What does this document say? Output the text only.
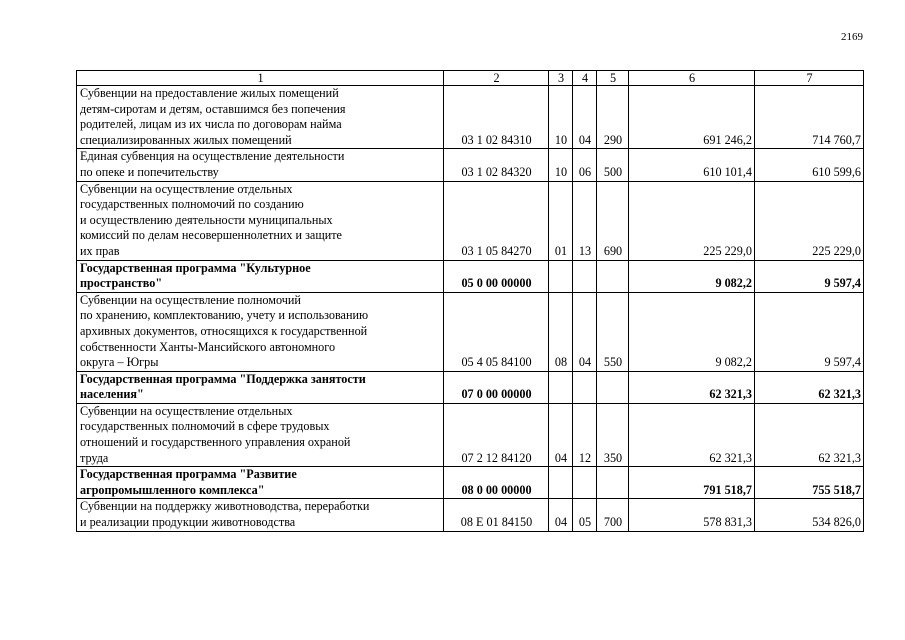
2169
1	2	3	4	5	6	7

Субвенции на предоставление жилых помещений
детям-сиротам и детям, оставшимся без попечения
родителей, лицам из их числа по договорам найма
специализированных жилых помещений	03 1 02 84310	10	04	290	691 246,2	714 760,7

Единая субвенция на осуществление деятельности
по опеке и попечительству	03 1 02 84320	10	06	500	610 101,4	610 599,6

Субвенции на осуществление отдельных
государственных полномочий по созданию
и осуществлению деятельности муниципальных
комиссий по делам несовершеннолетних и защите
их прав	03 1 05 84270	01	13	690	225 229,0	225 229,0

Государственная программа "Культурное
пространство"	05 0 00 00000				9 082,2	9 597,4

Субвенции на осуществление полномочий
по хранению, комплектованию, учету и использованию
архивных документов, относящихся к государственной
собственности Ханты-Мансийского автономного
округа – Югры	05 4 05 84100	08	04	550	9 082,2	9 597,4

Государственная программа "Поддержка занятости
населения"	07 0 00 00000				62 321,3	62 321,3

Субвенции на осуществление отдельных
государственных полномочий в сфере трудовых
отношений и государственного управления охраной
труда	07 2 12 84120	04	12	350	62 321,3	62 321,3

Государственная программа "Развитие
агропромышленного комплекса"	08 0 00 00000				791 518,7	755 518,7

Субвенции на поддержку животноводства, переработки
и реализации продукции животноводства	08 Е 01 84150	04	05	700	578 831,3	534 826,0
